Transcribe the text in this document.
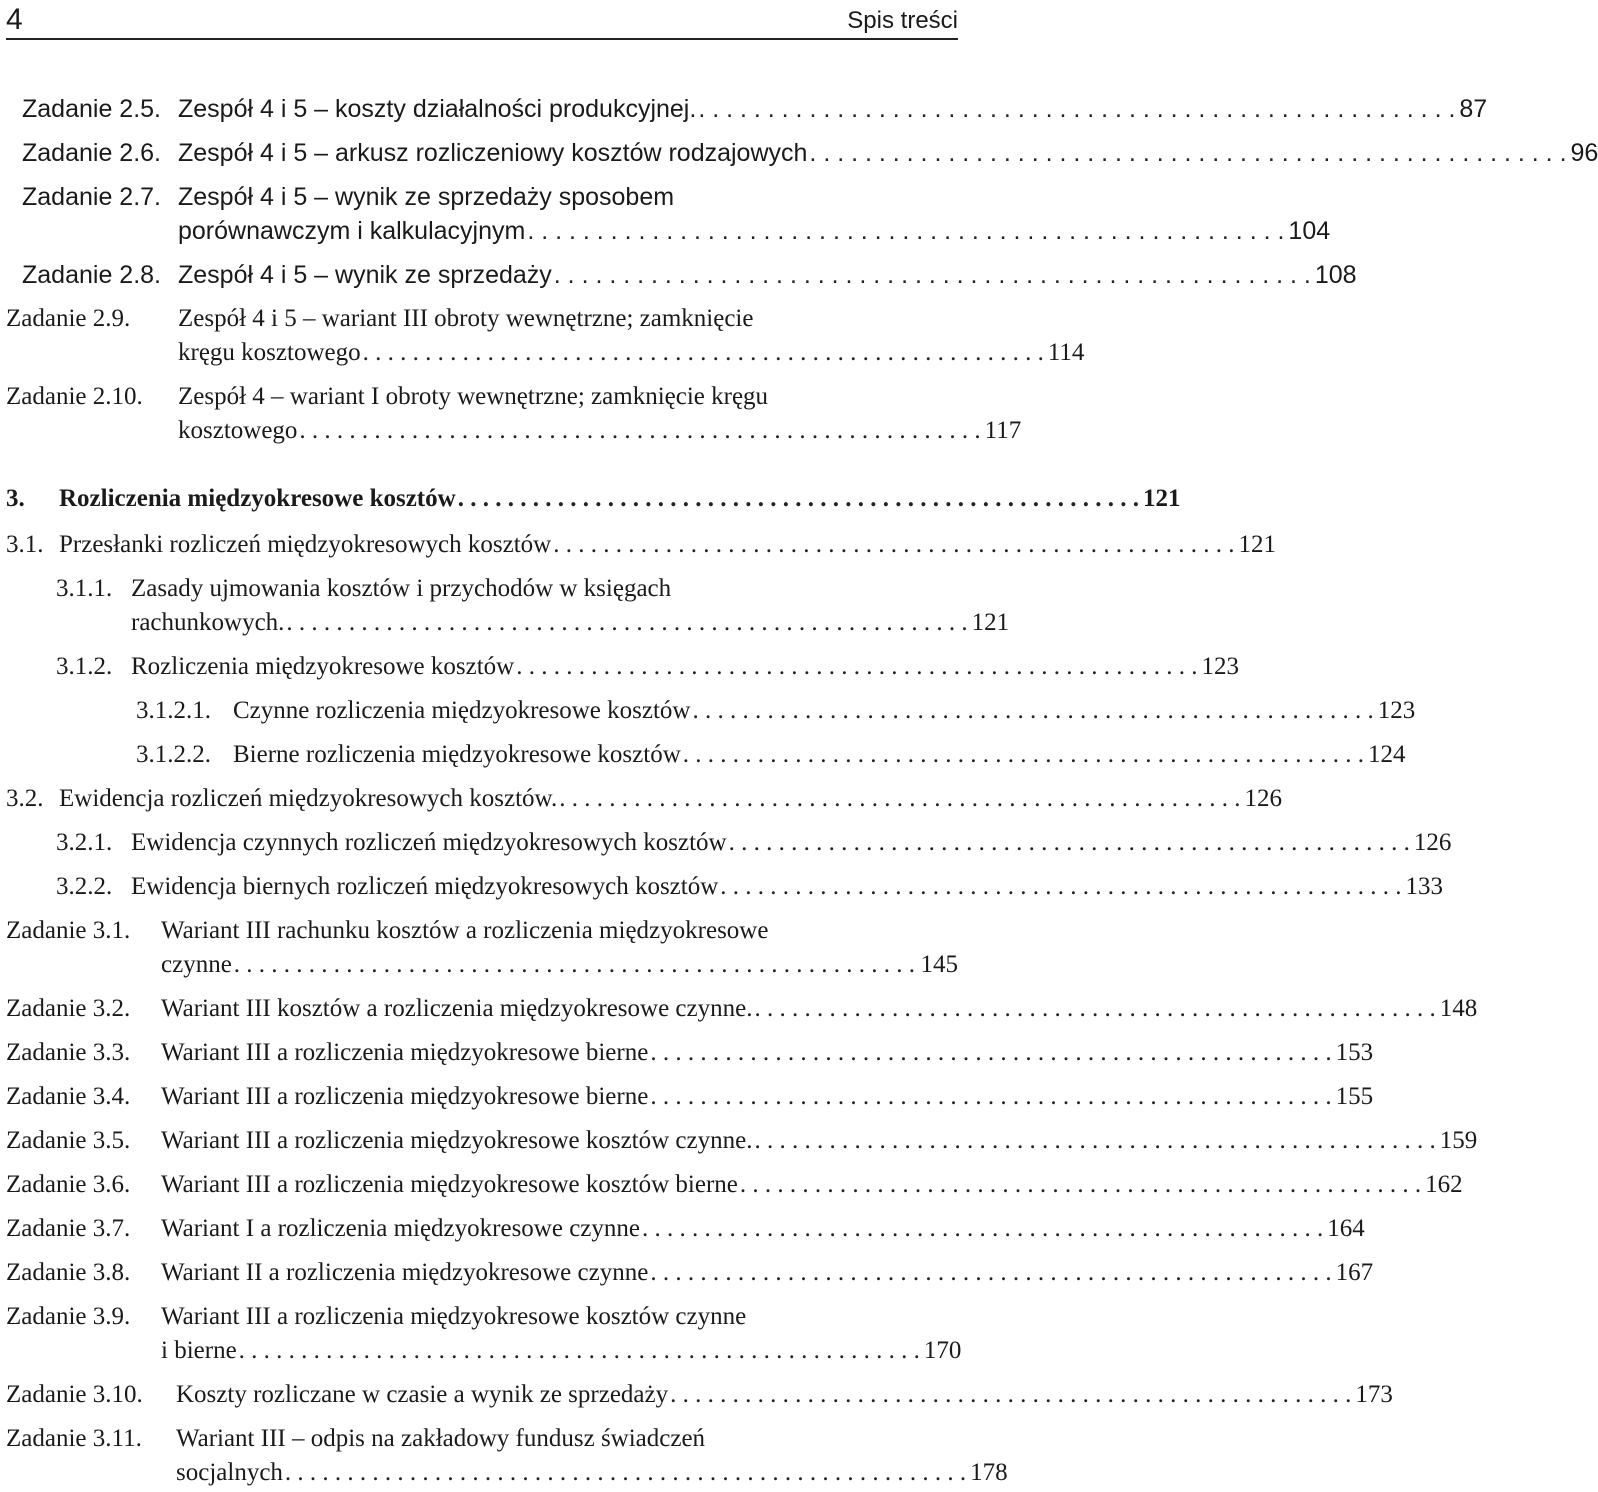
4	Spis treści
Zadanie 2.5. Zespół 4 i 5 – koszty działalności produkcyjnej. . . . . . . . . . . . . . . . . . . . . . . . . . . . . . . . . . . . . . . . . . . . . . . . . . . . . . . . 87
Zadanie 2.6. Zespół 4 i 5 – arkusz rozliczeniowy kosztów rodzajowych . . . . . . . . . . . . . . . . . . . . . . . . . . . . . . . . . . . . . . . . . . . . . . . . . . . . . . . 96
Zadanie 2.7. Zespół 4 i 5 – wynik ze sprzedaży sposobem
porównawczym i kalkulacyjnym . . . . . . . . . . . . . . . . . . . . . . . . . . . . . . . . . . . . . . . . . . . . . . . . . . . . . . . 104
Zadanie 2.8. Zespół 4 i 5 – wynik ze sprzedaży . . . . . . . . . . . . . . . . . . . . . . . . . . . . . . . . . . . . . . . . . . . . . . . . . . . . . . . 108
Zadanie 2.9.	Zespół 4 i 5 – wariant III obroty wewnętrzne; zamknięcie
kręgu kosztowego . . . . . . . . . . . . . . . . . . . . . . . . . . . . . . . . . . . . . . . . . . . . . . . . . . . . . . . 114
Zadanie 2.10.	Zespół 4 – wariant I obroty wewnętrzne; zamknięcie kręgu
kosztowego . . . . . . . . . . . . . . . . . . . . . . . . . . . . . . . . . . . . . . . . . . . . . . . . . . . . . . . 117
3.	Rozliczenia międzyokresowe kosztów . . . . . . . . . . . . . . . . . . . . . . . . . . . . . . . . . . . . . . . . . . . . . . . . . . . . . . . 121
3.1. Przesłanki rozliczeń międzyokresowych kosztów . . . . . . . . . . . . . . . . . . . . . . . . . . . . . . . . . . . . . . . . . . . . . . . . . . . . . . . 121
3.1.1. Zasady ujmowania kosztów i przychodów w księgach
rachunkowych. . . . . . . . . . . . . . . . . . . . . . . . . . . . . . . . . . . . . . . . . . . . . . . . . . . . . . . . 121
3.1.2. Rozliczenia międzyokresowe kosztów . . . . . . . . . . . . . . . . . . . . . . . . . . . . . . . . . . . . . . . . . . . . . . . . . . . . . . . 123
3.1.2.1. Czynne rozliczenia międzyokresowe kosztów . . . . . . . . . . . . . . . . . . . . . . . . . . . . . . . . . . . . . . . . . . . . . . . . . . . . . . . 123
3.1.2.2. Bierne rozliczenia międzyokresowe kosztów . . . . . . . . . . . . . . . . . . . . . . . . . . . . . . . . . . . . . . . . . . . . . . . . . . . . . . . 124
3.2. Ewidencja rozliczeń międzyokresowych kosztów. . . . . . . . . . . . . . . . . . . . . . . . . . . . . . . . . . . . . . . . . . . . . . . . . . . . . . . . 126
3.2.1. Ewidencja czynnych rozliczeń międzyokresowych kosztów . . . . . . . . . . . . . . . . . . . . . . . . . . . . . . . . . . . . . . . . . . . . . . . . . . . . . . . 126
3.2.2. Ewidencja biernych rozliczeń międzyokresowych kosztów . . . . . . . . . . . . . . . . . . . . . . . . . . . . . . . . . . . . . . . . . . . . . . . . . . . . . . . 133
Zadanie 3.1.	Wariant III rachunku kosztów a rozliczenia międzyokresowe
czynne . . . . . . . . . . . . . . . . . . . . . . . . . . . . . . . . . . . . . . . . . . . . . . . . . . . . . . . 145
Zadanie 3.2.	Wariant III kosztów a rozliczenia międzyokresowe czynne. . . . . . . . . . . . . . . . . . . . . . . . . . . . . . . . . . . . . . . . . . . . . . . . . . . . . . . . 148
Zadanie 3.3.	Wariant III a rozliczenia międzyokresowe bierne . . . . . . . . . . . . . . . . . . . . . . . . . . . . . . . . . . . . . . . . . . . . . . . . . . . . . . . 153
Zadanie 3.4.	Wariant III a rozliczenia międzyokresowe bierne . . . . . . . . . . . . . . . . . . . . . . . . . . . . . . . . . . . . . . . . . . . . . . . . . . . . . . . 155
Zadanie 3.5.	Wariant III a rozliczenia międzyokresowe kosztów czynne. . . . . . . . . . . . . . . . . . . . . . . . . . . . . . . . . . . . . . . . . . . . . . . . . . . . . . . . 159
Zadanie 3.6.	Wariant III a rozliczenia międzyokresowe kosztów bierne . . . . . . . . . . . . . . . . . . . . . . . . . . . . . . . . . . . . . . . . . . . . . . . . . . . . . . . 162
Zadanie 3.7.	Wariant I a rozliczenia międzyokresowe czynne . . . . . . . . . . . . . . . . . . . . . . . . . . . . . . . . . . . . . . . . . . . . . . . . . . . . . . . 164
Zadanie 3.8.	Wariant II a rozliczenia międzyokresowe czynne . . . . . . . . . . . . . . . . . . . . . . . . . . . . . . . . . . . . . . . . . . . . . . . . . . . . . . . 167
Zadanie 3.9.	Wariant III a rozliczenia międzyokresowe kosztów czynne
i bierne . . . . . . . . . . . . . . . . . . . . . . . . . . . . . . . . . . . . . . . . . . . . . . . . . . . . . . . 170
Zadanie 3.10.	Koszty rozliczane w czasie a wynik ze sprzedaży . . . . . . . . . . . . . . . . . . . . . . . . . . . . . . . . . . . . . . . . . . . . . . . . . . . . . . . 173
Zadanie 3.11.	Wariant III – odpis na zakładowy fundusz świadczeń
socjalnych . . . . . . . . . . . . . . . . . . . . . . . . . . . . . . . . . . . . . . . . . . . . . . . . . . . . . . . 178
